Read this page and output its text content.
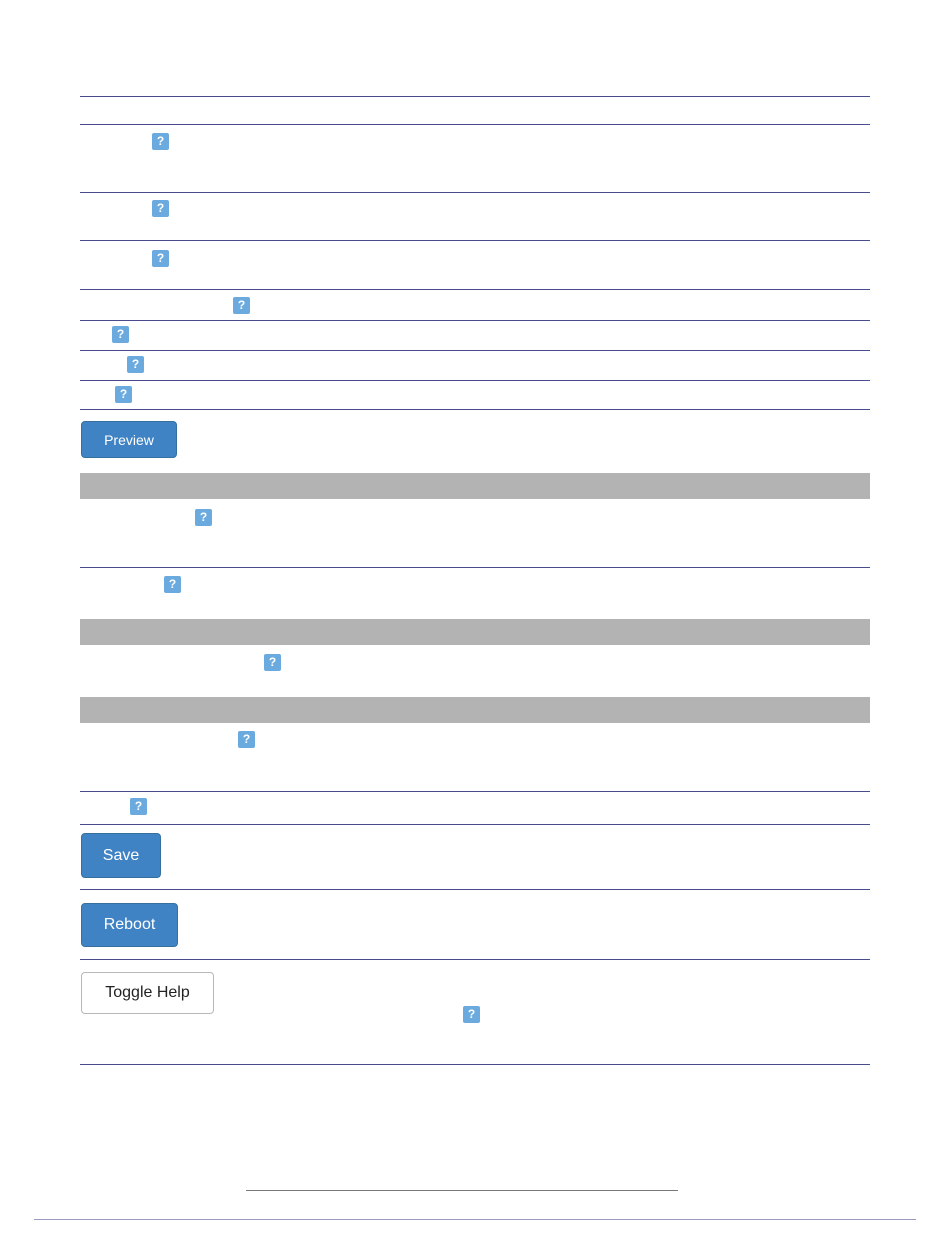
?
?
?
?
?
?
?
?
?
?
?
?
?
Preview
Save
Reboot
Toggle Help
